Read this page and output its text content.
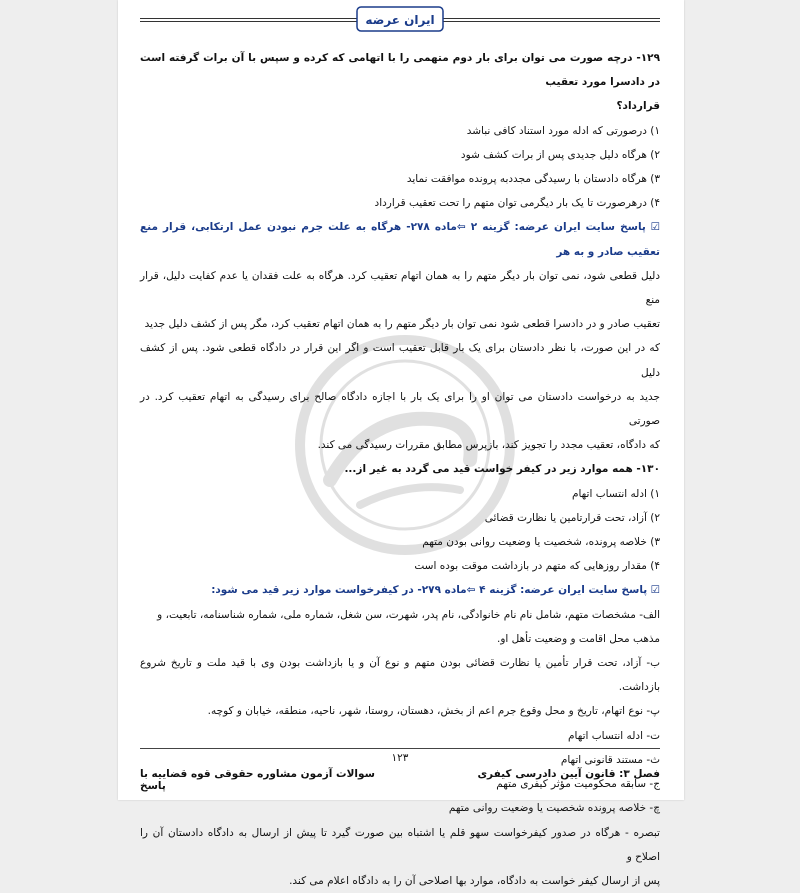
ایران عرضه

۱۲۹- درچه صورت می توان برای بار دوم متهمی را با اتهامی که کرده و سپس با آن برات گرفته است در دادسرا مورد تعقیب

قرارداد؟

۱) درصورتی که ادله مورد استناد کافی نباشد

۲) هرگاه دلیل جدیدی پس از برات کشف شود

۳) هرگاه دادستان با رسیدگی مجددبه پرونده موافقت نماید

۴) درهرصورت تا یک بار دیگرمی توان متهم را تحت تعقیب قرارداد

☑ پاسخ سایت ایران عرضه: گزینه ۲ ⇦ماده ۲۷۸- هرگاه به علت جرم نبودن عمل ارتکابی، قرار منع تعقیب صادر و به هر

دلیل قطعی شود، نمی توان بار دیگر متهم را به همان اتهام تعقیب کرد. هرگاه به علت فقدان یا عدم کفایت دلیل، قرار منع

تعقیب صادر و در دادسرا قطعی شود نمی توان بار دیگر متهم را به همان اتهام تعقیب کرد، مگر پس از کشف دلیل جدید

که در این صورت، با نظر دادستان برای یک بار قابل تعقیب است و اگر این قرار در دادگاه قطعی شود. پس از کشف دلیل

جدید به درخواست دادستان می توان او را برای یک بار با اجازه دادگاه صالح برای رسیدگی به اتهام تعقیب کرد. در صورتی

که دادگاه، تعقیب مجدد را تجویز کند، بازپرس مطابق مقررات رسیدگی می کند.

۱۳۰- همه موارد زیر در کیفر خواست قید می گردد به غیر از...

۱) ادله انتساب اتهام

۲) آزاد، تحت قرارتامین یا نظارت قضائی

۳) خلاصه پرونده، شخصیت یا وضعیت روانی بودن متهم

۴) مقدار روزهایی که متهم در بازداشت موقت بوده است

☑ پاسخ سایت ایران عرضه: گزینه ۴ ⇦ماده ۲۷۹- در کیفرخواست موارد زیر قید می شود:

الف- مشخصات متهم، شامل نام نام خانوادگی، نام پدر، شهرت، سن شغل، شماره ملی، شماره شناسنامه، تابعیت، و

مذهب محل اقامت و وضعیت تأهل او.

ب- آزاد، تحت قرار تأمین یا نظارت قضائی بودن متهم و نوع آن و یا بازداشت بودن وی با قید ملت و تاریخ شروع بازداشت.

پ- نوع اتهام، تاریخ و محل وقوع جرم اعم از بخش، دهستان، روستا، شهر، ناحیه، منطقه، خیابان و کوچه.

ت- ادله انتساب اتهام

ث- مستند قانونی اتهام

ج- سابقه محکومیت مؤثر کیفری متهم

چ- خلاصه پرونده شخصیت یا وضعیت روانی متهم

تبصره - هرگاه در صدور کیفرخواست سهو قلم یا اشتباه بین صورت گیرد تا پیش از ارسال به دادگاه دادستان آن را اصلاح و

پس از ارسال کیفر خواست به دادگاه، موارد بها اصلاحی آن را به دادگاه اعلام می کند.

۱۲۳
فصل ۳: قانون آیین دادرسی کیفری
سوالات آزمون مشاوره حقوقی قوه قضاییه با پاسخ
